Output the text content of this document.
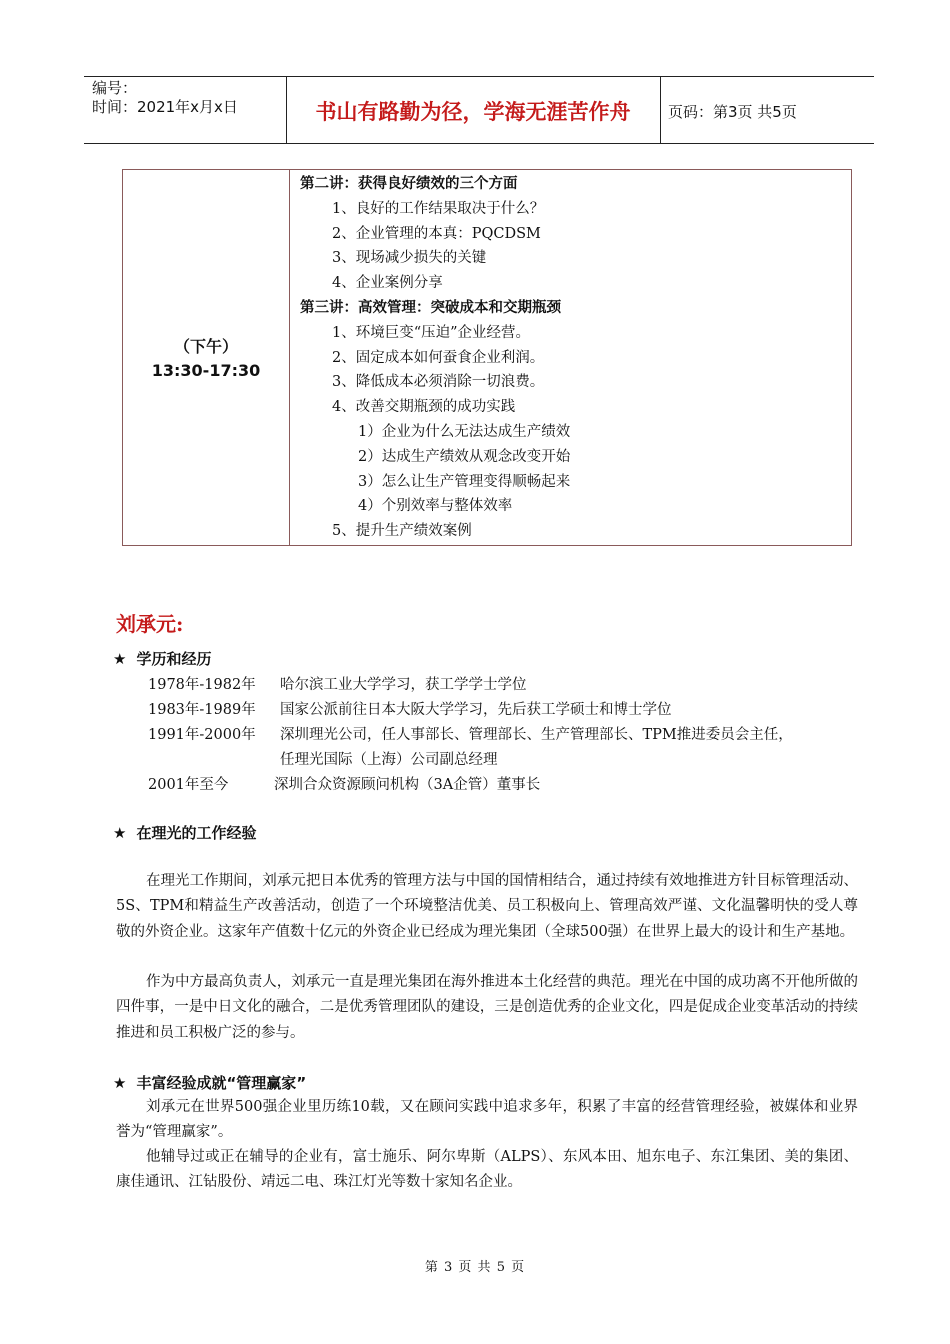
编号：
时间：2021年x月x日	书山有路勤为径，学海无涯苦作舟	页码：第3页 共5页
（下午）
13:30-17:30
第二讲：获得良好绩效的三个方面
1、良好的工作结果取决于什么？
2、企业管理的本真：PQCDSM
3、现场减少损失的关键
4、企业案例分享
第三讲：高效管理：突破成本和交期瓶颈
1、环境巨变“压迫”企业经营。
2、固定成本如何蚕食企业利润。
3、降低成本必须消除一切浪费。
4、改善交期瓶颈的成功实践
1）企业为什么无法达成生产绩效
2）达成生产绩效从观念改变开始
3）怎么让生产管理变得顺畅起来
4）个别效率与整体效率
5、提升生产绩效案例
刘承元:
★ 学历和经历
1978年-1982年 哈尔滨工业大学学习，获工学学士学位
1983年-1989年 国家公派前往日本大阪大学学习，先后获工学硕士和博士学位
1991年-2000年 深圳理光公司，任人事部长、管理部长、生产管理部长、TPM推进委员会主任，
任理光国际（上海）公司副总经理
2001年至今	深圳合众资源顾问机构（3A企管）董事长
★ 在理光的工作经验
在理光工作期间，刘承元把日本优秀的管理方法与中国的国情相结合，通过持续有效地推进方针目标管理活动、5S、TPM和精益生产改善活动，创造了一个环境整洁优美、员工积极向上、管理高效严谨、文化温馨明快的受人尊敬的外资企业。这家年产值数十亿元的外资企业已经成为理光集团（全球500强）在世界上最大的设计和生产基地。
作为中方最高负责人，刘承元一直是理光集团在海外推进本土化经营的典范。理光在中国的成功离不开他所做的四件事，一是中日文化的融合，二是优秀管理团队的建设，三是创造优秀的企业文化，四是促成企业变革活动的持续推进和员工积极广泛的参与。
★ 丰富经验成就“管理赢家”
刘承元在世界500强企业里历练10载，又在顾问实践中追求多年，积累了丰富的经营管理经验，被媒体和业界誉为“管理赢家”。
他辅导过或正在辅导的企业有，富士施乐、阿尔卑斯（ALPS）、东风本田、旭东电子、东江集团、美的集团、康佳通讯、江钻股份、靖远二电、珠江灯光等数十家知名企业。
第 3 页 共 5 页
